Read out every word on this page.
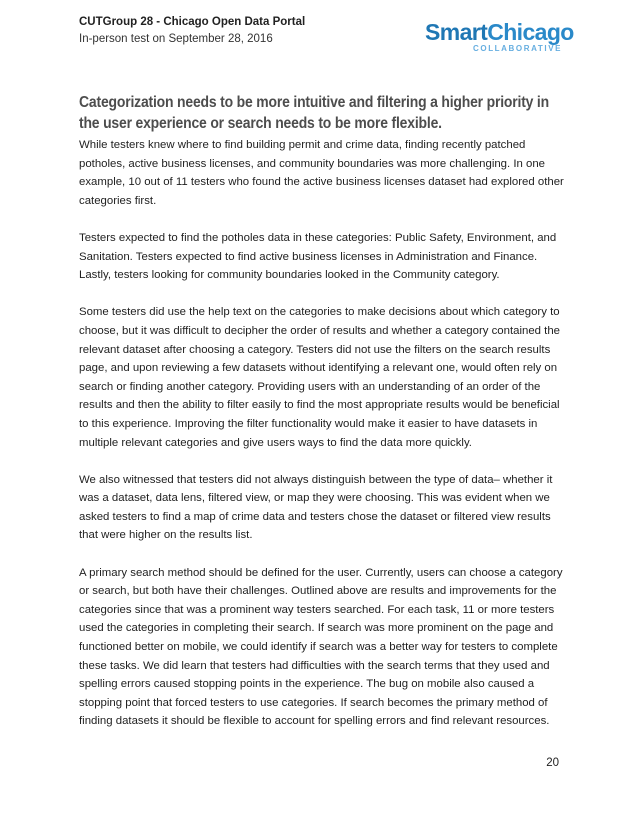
CUTGroup 28 - Chicago Open Data Portal
In-person test on September 28, 2016	SmartChicago
COLLABORATIVE
Categorization needs to be more intuitive and filtering a higher priority in the user experience or search needs to be more flexible.

While testers knew where to find building permit and crime data, finding recently patched potholes, active business licenses, and community boundaries was more challenging. In one example, 10 out of 11 testers who found the active business licenses dataset had explored other categories first.

Testers expected to find the potholes data in these categories: Public Safety, Environment, and Sanitation. Testers expected to find active business licenses in Administration and Finance. Lastly, testers looking for community boundaries looked in the Community category.

Some testers did use the help text on the categories to make decisions about which category to choose, but it was difficult to decipher the order of results and whether a category contained the relevant dataset after choosing a category. Testers did not use the filters on the search results page, and upon reviewing a few datasets without identifying a relevant one, would often rely on search or finding another category. Providing users with an understanding of an order of the results and then the ability to filter easily to find the most appropriate results would be beneficial to this experience. Improving the filter functionality would make it easier to have datasets in multiple relevant categories and give users ways to find the data more quickly.

We also witnessed that testers did not always distinguish between the type of data– whether it was a dataset, data lens, filtered view, or map they were choosing. This was evident when we asked testers to find a map of crime data and testers chose the dataset or filtered view results that were higher on the results list.

A primary search method should be defined for the user. Currently, users can choose a category or search, but both have their challenges. Outlined above are results and improvements for the categories since that was a prominent way testers searched. For each task, 11 or more testers used the categories in completing their search. If search was more prominent on the page and functioned better on mobile, we could identify if search was a better way for testers to complete these tasks. We did learn that testers had difficulties with the search terms that they used and spelling errors caused stopping points in the experience. The bug on mobile also caused a stopping point that forced testers to use categories. If search becomes the primary method of finding datasets it should be flexible to account for spelling errors and find relevant resources.

20
